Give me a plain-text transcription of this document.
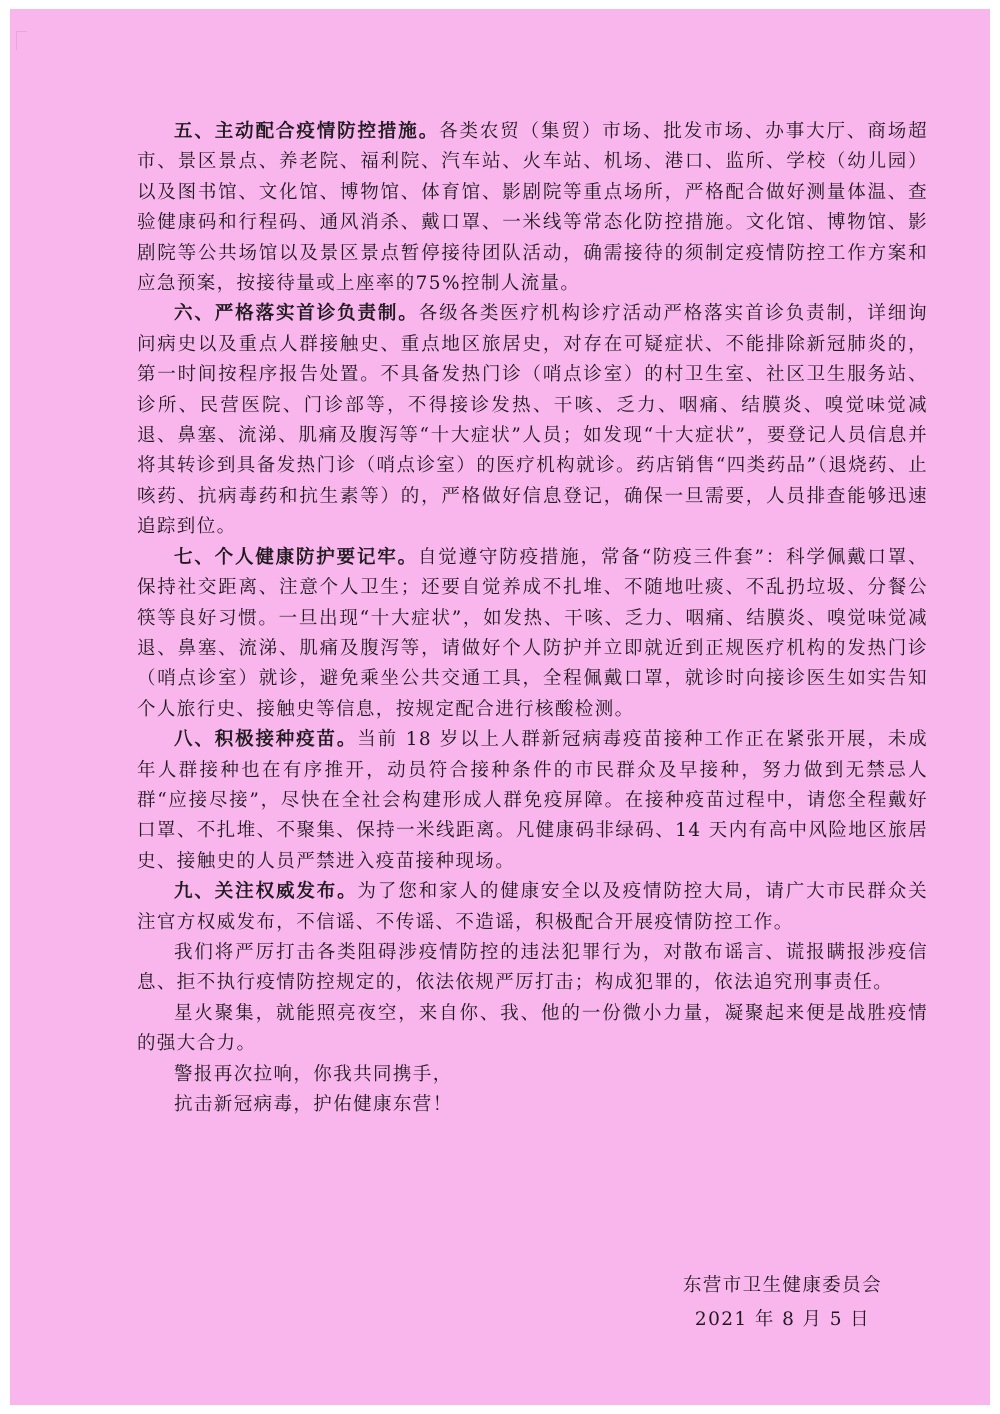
五、主动配合疫情防控措施。各类农贸（集贸）市场、批发市场、办事大厅、商场超市、景区景点、养老院、福利院、汽车站、火车站、机场、港口、监所、学校（幼儿园）以及图书馆、文化馆、博物馆、体育馆、影剧院等重点场所，严格配合做好测量体温、查验健康码和行程码、通风消杀、戴口罩、一米线等常态化防控措施。文化馆、博物馆、影剧院等公共场馆以及景区景点暂停接待团队活动，确需接待的须制定疫情防控工作方案和应急预案，按接待量或上座率的75%控制人流量。

六、严格落实首诊负责制。各级各类医疗机构诊疗活动严格落实首诊负责制，详细询问病史以及重点人群接触史、重点地区旅居史，对存在可疑症状、不能排除新冠肺炎的，第一时间按程序报告处置。不具备发热门诊（哨点诊室）的村卫生室、社区卫生服务站、诊所、民营医院、门诊部等，不得接诊发热、干咳、乏力、咽痛、结膜炎、嗅觉味觉减退、鼻塞、流涕、肌痛及腹泻等“十大症状”人员；如发现“十大症状”，要登记人员信息并将其转诊到具备发热门诊（哨点诊室）的医疗机构就诊。药店销售“四类药品”（退烧药、止咳药、抗病毒药和抗生素等）的，严格做好信息登记，确保一旦需要，人员排查能够迅速追踪到位。

七、个人健康防护要记牢。自觉遵守防疫措施，常备“防疫三件套”：科学佩戴口罩、保持社交距离、注意个人卫生；还要自觉养成不扎堆、不随地吐痰、不乱扔垃圾、分餐公筷等良好习惯。一旦出现“十大症状”，如发热、干咳、乏力、咽痛、结膜炎、嗅觉味觉减退、鼻塞、流涕、肌痛及腹泻等，请做好个人防护并立即就近到正规医疗机构的发热门诊（哨点诊室）就诊，避免乘坐公共交通工具，全程佩戴口罩，就诊时向接诊医生如实告知个人旅行史、接触史等信息，按规定配合进行核酸检测。

八、积极接种疫苗。当前 18 岁以上人群新冠病毒疫苗接种工作正在紧张开展，未成年人群接种也在有序推开，动员符合接种条件的市民群众及早接种，努力做到无禁忌人群“应接尽接”，尽快在全社会构建形成人群免疫屏障。在接种疫苗过程中，请您全程戴好口罩、不扎堆、不聚集、保持一米线距离。凡健康码非绿码、14 天内有高中风险地区旅居史、接触史的人员严禁进入疫苗接种现场。

九、关注权威发布。为了您和家人的健康安全以及疫情防控大局，请广大市民群众关注官方权威发布，不信谣、不传谣、不造谣，积极配合开展疫情防控工作。

我们将严厉打击各类阻碍涉疫情防控的违法犯罪行为，对散布谣言、谎报瞒报涉疫信息、拒不执行疫情防控规定的，依法依规严厉打击；构成犯罪的，依法追究刑事责任。

星火聚集，就能照亮夜空，来自你、我、他的一份微小力量，凝聚起来便是战胜疫情的强大合力。

警报再次拉响，你我共同携手，

抗击新冠病毒，护佑健康东营！

东营市卫生健康委员会
2021 年 8 月 5 日
